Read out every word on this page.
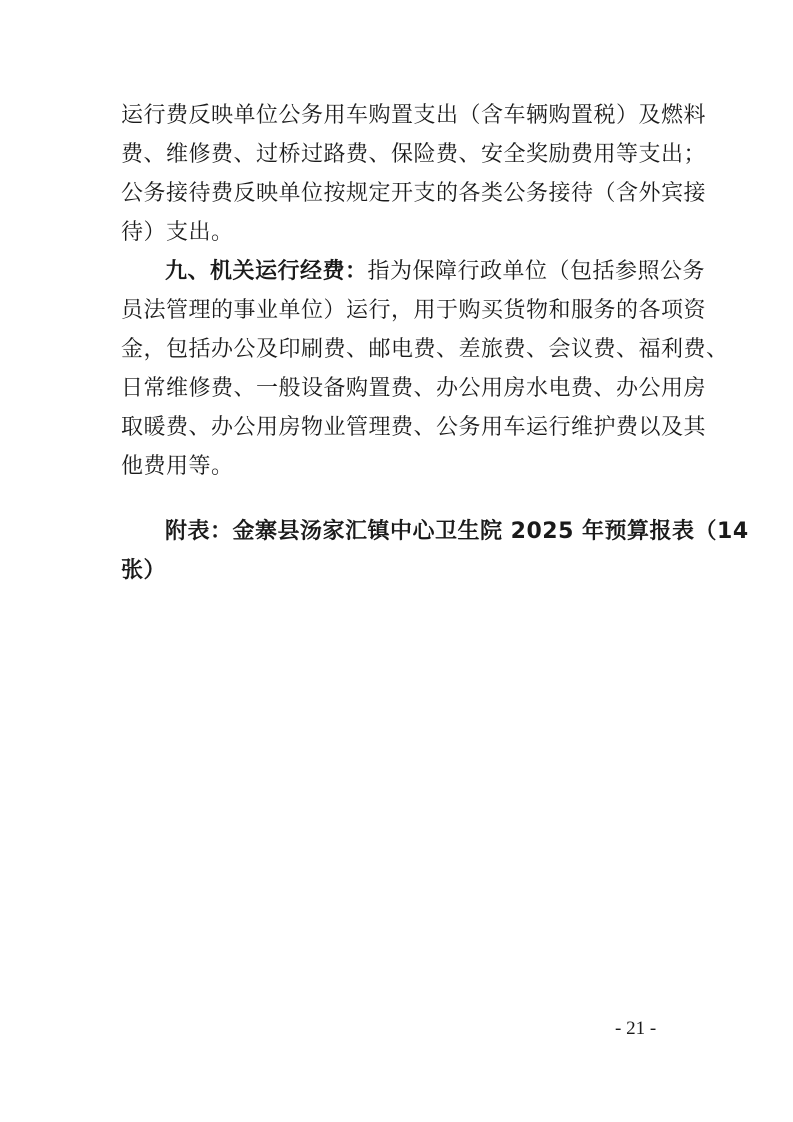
运行费反映单位公务用车购置支出（含车辆购置税）及燃料
费、维修费、过桥过路费、保险费、安全奖励费用等支出；
公务接待费反映单位按规定开支的各类公务接待（含外宾接
待）支出。
九、机关运行经费：指为保障行政单位（包括参照公务
员法管理的事业单位）运行，用于购买货物和服务的各项资
金，包括办公及印刷费、邮电费、差旅费、会议费、福利费、
日常维修费、一般设备购置费、办公用房水电费、办公用房
取暖费、办公用房物业管理费、公务用车运行维护费以及其
他费用等。
附表：金寨县汤家汇镇中心卫生院 2025 年预算报表（14
张）
- 21 -
